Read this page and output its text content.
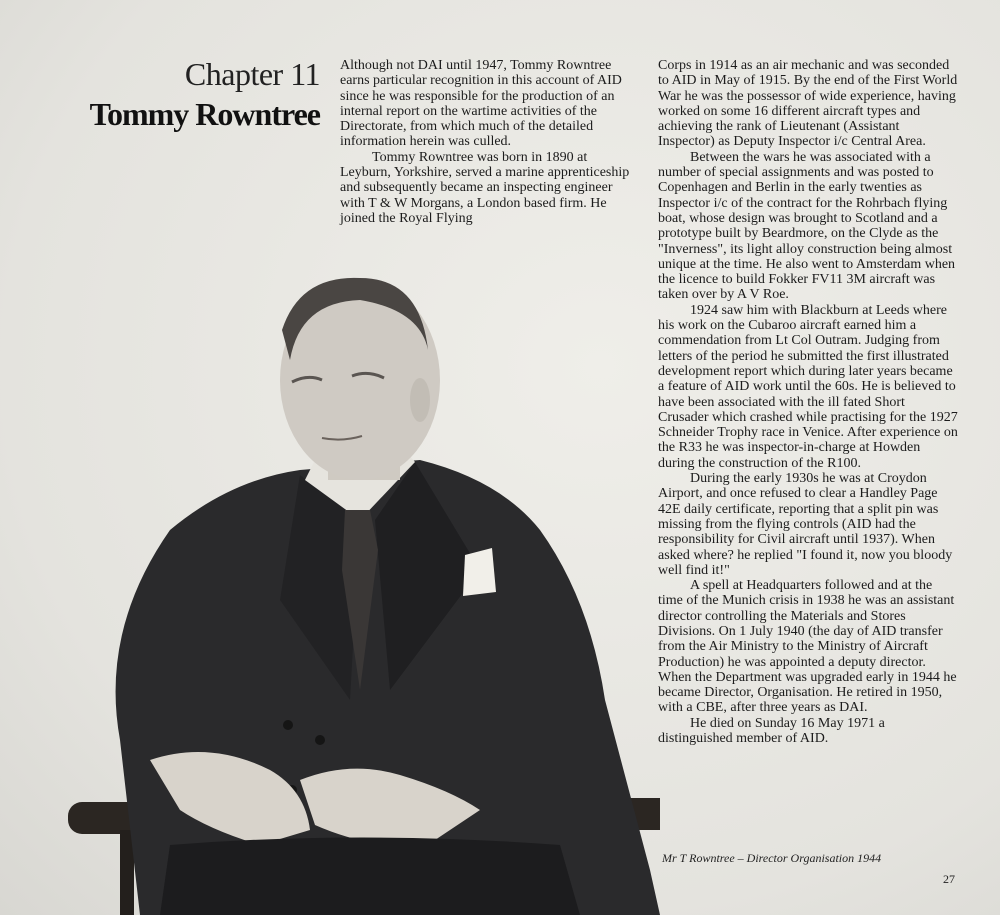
Chapter 11
Tommy Rowntree

Although not DAI until 1947, Tommy Rowntree earns particular recognition in this account of AID since he was responsible for the production of an internal report on the wartime activities of the Directorate, from which much of the detailed information herein was culled.

Tommy Rowntree was born in 1890 at Leyburn, Yorkshire, served a marine apprenticeship and subsequently became an inspecting engineer with T & W Morgans, a London based firm. He joined the Royal Flying

Corps in 1914 as an air mechanic and was seconded to AID in May of 1915. By the end of the First World War he was the possessor of wide experience, having worked on some 16 different aircraft types and achieving the rank of Lieutenant (Assistant Inspector) as Deputy Inspector i/c Central Area.

Between the wars he was associated with a number of special assignments and was posted to Copenhagen and Berlin in the early twenties as Inspector i/c of the contract for the Rohrbach flying boat, whose design was brought to Scotland and a prototype built by Beardmore, on the Clyde as the "Inverness", its light alloy construction being almost unique at the time. He also went to Amsterdam when the licence to build Fokker FV11 3M aircraft was taken over by A V Roe.

1924 saw him with Blackburn at Leeds where his work on the Cubaroo aircraft earned him a commendation from Lt Col Outram. Judging from letters of the period he submitted the first illustrated development report which during later years became a feature of AID work until the 60s. He is believed to have been associated with the ill fated Short Crusader which crashed while practising for the 1927 Schneider Trophy race in Venice. After experience on the R33 he was inspector-in-charge at Howden during the construction of the R100.

During the early 1930s he was at Croydon Airport, and once refused to clear a Handley Page 42E daily certificate, reporting that a split pin was missing from the flying controls (AID had the responsibility for Civil aircraft until 1937). When asked where? he replied "I found it, now you bloody well find it!"

A spell at Headquarters followed and at the time of the Munich crisis in 1938 he was an assistant director controlling the Materials and Stores Divisions. On 1 July 1940 (the day of AID transfer from the Air Ministry to the Ministry of Aircraft Production) he was appointed a deputy director. When the Department was upgraded early in 1944 he became Director, Organisation. He retired in 1950, with a CBE, after three years as DAI.

He died on Sunday 16 May 1971 a distinguished member of AID.

Mr T Rowntree – Director Organisation 1944
27
